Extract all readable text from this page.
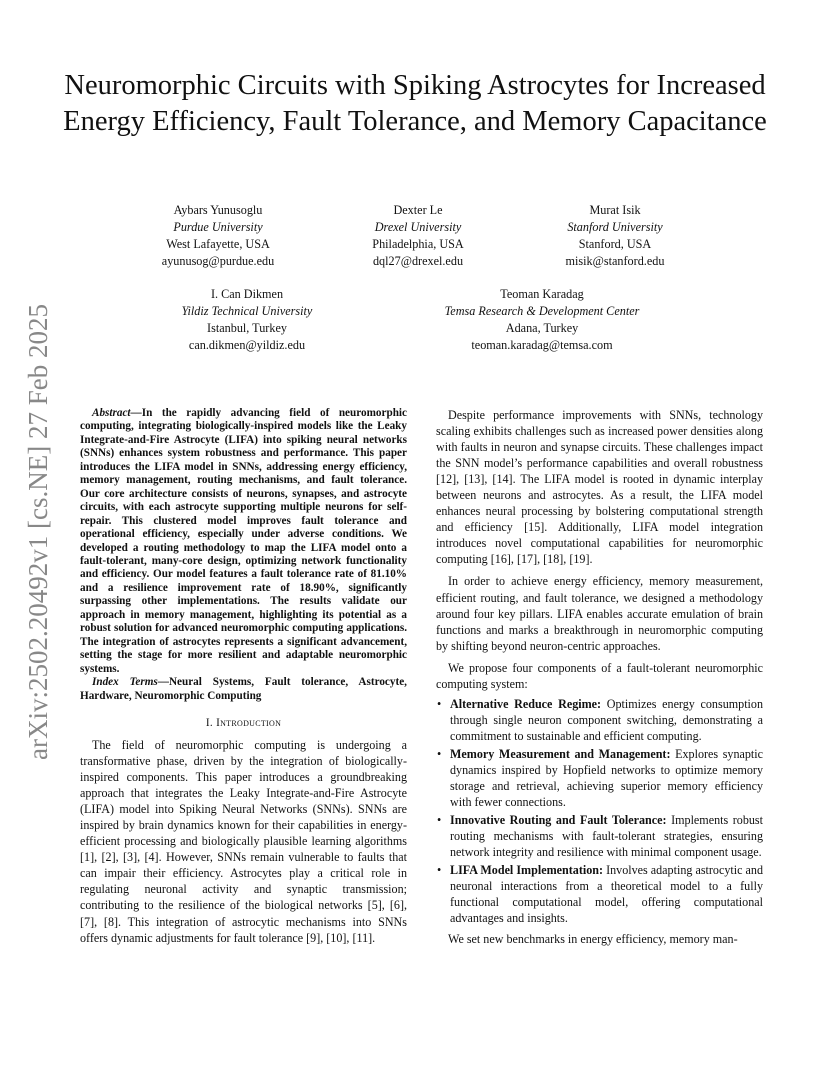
Neuromorphic Circuits with Spiking Astrocytes for Increased Energy Efficiency, Fault Tolerance, and Memory Capacitance
Aybars Yunusoglu
Purdue University
West Lafayette, USA
ayunusog@purdue.edu
Dexter Le
Drexel University
Philadelphia, USA
dql27@drexel.edu
Murat Isik
Stanford University
Stanford, USA
misik@stanford.edu
I. Can Dikmen
Yildiz Technical University
Istanbul, Turkey
can.dikmen@yildiz.edu
Teoman Karadag
Temsa Research & Development Center
Adana, Turkey
teoman.karadag@temsa.com
arXiv:2502.20492v1 [cs.NE] 27 Feb 2025	Abstract—In the rapidly advancing field of neuromorphic computing, integrating biologically-inspired models like the Leaky Integrate-and-Fire Astrocyte (LIFA) into spiking neural networks (SNNs) enhances system robustness and performance. This paper introduces the LIFA model in SNNs, addressing energy efficiency, memory management, routing mechanisms, and fault tolerance. Our core architecture consists of neurons, synapses, and astrocyte circuits, with each astrocyte supporting multiple neurons for self-repair. This clustered model improves fault tolerance and operational efficiency, especially under adverse conditions. We developed a routing methodology to map the LIFA model onto a fault-tolerant, many-core design, optimizing network functionality and efficiency. Our model features a fault tolerance rate of 81.10% and a resilience improvement rate of 18.90%, significantly surpassing other implementations. The results validate our approach in memory management, highlighting its potential as a robust solution for advanced neuromorphic computing applications. The integration of astrocytes represents a significant advancement, setting the stage for more resilient and adaptable neuromorphic systems.

Index Terms—Neural Systems, Fault tolerance, Astrocyte, Hardware, Neuromorphic Computing

I. Introduction

The field of neuromorphic computing is undergoing a transformative phase, driven by the integration of biologically-inspired components. This paper introduces a groundbreaking approach that integrates the Leaky Integrate-and-Fire Astrocyte (LIFA) model into Spiking Neural Networks (SNNs). SNNs are inspired by brain dynamics known for their capabilities in energy-efficient processing and biologically plausible learning algorithms [1], [2], [3], [4]. However, SNNs remain vulnerable to faults that can impair their efficiency. Astrocytes play a critical role in regulating neuronal activity and synaptic transmission; contributing to the resilience of the biological networks [5], [6], [7], [8]. This integration of astrocytic mechanisms into SNNs offers dynamic adjustments for fault tolerance [9], [10], [11].

Despite performance improvements with SNNs, technology scaling exhibits challenges such as increased power densities along with faults in neuron and synapse circuits. These challenges impact the SNN model’s performance capabilities and overall robustness [12], [13], [14]. The LIFA model is rooted in dynamic interplay between neurons and astrocytes. As a result, the LIFA model enhances neural processing by bolstering computational strength and efficiency [15]. Additionally, LIFA model integration introduces novel computational capabilities for neuromorphic computing [16], [17], [18], [19].

In order to achieve energy efficiency, memory measurement, efficient routing, and fault tolerance, we designed a methodology around four key pillars. LIFA enables accurate emulation of brain functions and marks a breakthrough in neuromorphic computing by shifting beyond neuron-centric approaches.

We propose four components of a fault-tolerant neuromorphic computing system:

• Alternative Reduce Regime: Optimizes energy consumption through single neuron component switching, demonstrating a commitment to sustainable and efficient computing.
• Memory Measurement and Management: Explores synaptic dynamics inspired by Hopfield networks to optimize memory storage and retrieval, achieving superior memory efficiency with fewer connections.
• Innovative Routing and Fault Tolerance: Implements robust routing mechanisms with fault-tolerant strategies, ensuring network integrity and resilience with minimal component usage.
• LIFA Model Implementation: Involves adapting astrocytic and neuronal interactions from a theoretical model to a fully functional computational model, offering computational advantages and insights.

We set new benchmarks in energy efficiency, memory man-
